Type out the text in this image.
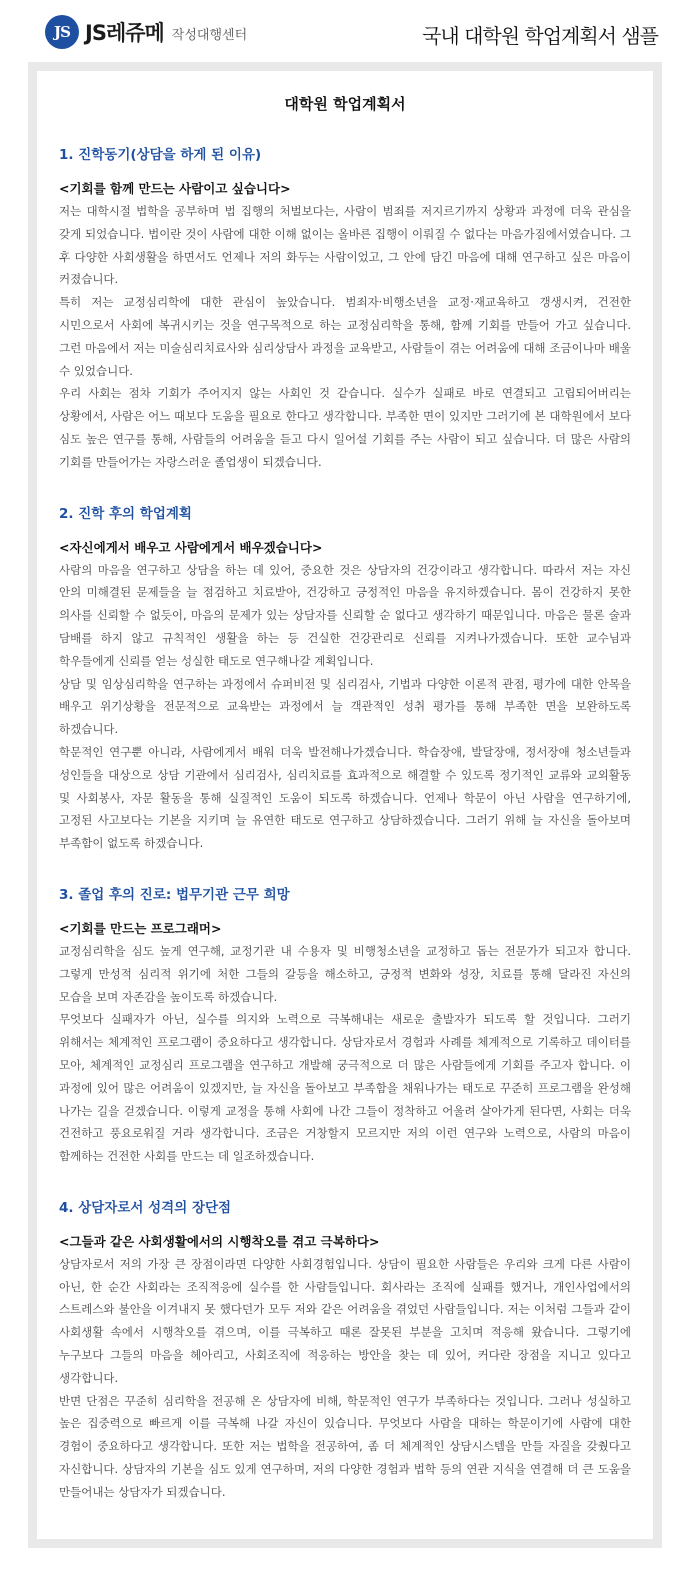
JS JS레쥬메 작성대행센터	국내 대학원 학업계획서 샘플
대학원 학업계획서
1. 진학동기(상담을 하게 된 이유)
<기회를 함께 만드는 사람이고 싶습니다>

저는 대학시절 법학을 공부하며 법 집행의 처벌보다는, 사람이 범죄를 저지르기까지 상황과 과정에 더욱 관심을 갖게 되었습니다. 법이란 것이 사람에 대한 이해 없이는 올바른 집행이 이뤄질 수 없다는 마음가짐에서였습니다. 그 후 다양한 사회생활을 하면서도 언제나 저의 화두는 사람이었고, 그 안에 담긴 마음에 대해 연구하고 싶은 마음이 커졌습니다.

특히 저는 교정심리학에 대한 관심이 높았습니다. 범죄자·비행소년을 교정·재교육하고 갱생시켜, 건전한 시민으로서 사회에 복귀시키는 것을 연구목적으로 하는 교정심리학을 통해, 함께 기회를 만들어 가고 싶습니다. 그런 마음에서 저는 미술심리치료사와 심리상담사 과정을 교육받고, 사람들이 겪는 어려움에 대해 조금이나마 배울 수 있었습니다.

우리 사회는 점차 기회가 주어지지 않는 사회인 것 같습니다. 실수가 실패로 바로 연결되고 고립되어버리는 상황에서, 사람은 어느 때보다 도움을 필요로 한다고 생각합니다. 부족한 면이 있지만 그러기에 본 대학원에서 보다 심도 높은 연구를 통해, 사람들의 어려움을 듣고 다시 일어설 기회를 주는 사람이 되고 싶습니다. 더 많은 사람의 기회를 만들어가는 자랑스러운 졸업생이 되겠습니다.

2. 진학 후의 학업계획
<자신에게서 배우고 사람에게서 배우겠습니다>

사람의 마음을 연구하고 상담을 하는 데 있어, 중요한 것은 상담자의 건강이라고 생각합니다. 따라서 저는 자신 안의 미해결된 문제들을 늘 점검하고 치료받아, 건강하고 긍정적인 마음을 유지하겠습니다. 몸이 건강하지 못한 의사를 신뢰할 수 없듯이, 마음의 문제가 있는 상담자를 신뢰할 순 없다고 생각하기 때문입니다. 마음은 물론 술과 담배를 하지 않고 규칙적인 생활을 하는 등 건실한 건강관리로 신뢰를 지켜나가겠습니다. 또한 교수님과 학우들에게 신뢰를 얻는 성실한 태도로 연구해나갈 계획입니다.

상담 및 임상심리학을 연구하는 과정에서 슈퍼비전 및 심리검사, 기법과 다양한 이론적 관점, 평가에 대한 안목을 배우고 위기상황을 전문적으로 교육받는 과정에서 늘 객관적인 성취 평가를 통해 부족한 면을 보완하도록 하겠습니다.

학문적인 연구뿐 아니라, 사람에게서 배워 더욱 발전해나가겠습니다. 학습장애, 발달장애, 정서장애 청소년들과 성인들을 대상으로 상담 기관에서 심리검사, 심리치료를 효과적으로 해결할 수 있도록 정기적인 교류와 교외활동 및 사회봉사, 자문 활동을 통해 실질적인 도움이 되도록 하겠습니다. 언제나 학문이 아닌 사람을 연구하기에, 고정된 사고보다는 기본을 지키며 늘 유연한 태도로 연구하고 상담하겠습니다. 그러기 위해 늘 자신을 돌아보며 부족함이 없도록 하겠습니다.

3. 졸업 후의 진로: 법무기관 근무 희망
<기회를 만드는 프로그래머>

교정심리학을 심도 높게 연구해, 교정기관 내 수용자 및 비행청소년을 교정하고 돕는 전문가가 되고자 합니다. 그렇게 만성적 심리적 위기에 처한 그들의 갈등을 해소하고, 긍정적 변화와 성장, 치료를 통해 달라진 자신의 모습을 보며 자존감을 높이도록 하겠습니다.

무엇보다 실패자가 아닌, 실수를 의지와 노력으로 극복해내는 새로운 출발자가 되도록 할 것입니다. 그러기 위해서는 체계적인 프로그램이 중요하다고 생각합니다. 상담자로서 경험과 사례를 체계적으로 기록하고 데이터를 모아, 체계적인 교정심리 프로그램을 연구하고 개발해 궁극적으로 더 많은 사람들에게 기회를 주고자 합니다. 이 과정에 있어 많은 어려움이 있겠지만, 늘 자신을 돌아보고 부족함을 채워나가는 태도로 꾸준히 프로그램을 완성해 나가는 길을 걷겠습니다. 이렇게 교정을 통해 사회에 나간 그들이 정착하고 어울려 살아가게 된다면, 사회는 더욱 건전하고 풍요로워질 거라 생각합니다. 조금은 거창할지 모르지만 저의 이런 연구와 노력으로, 사람의 마음이 함께하는 건전한 사회를 만드는 데 일조하겠습니다.

4. 상담자로서 성격의 장단점
<그들과 같은 사회생활에서의 시행착오를 겪고 극복하다>

상담자로서 저의 가장 큰 장점이라면 다양한 사회경험입니다. 상담이 필요한 사람들은 우리와 크게 다른 사람이 아닌, 한 순간 사회라는 조직적응에 실수를 한 사람들입니다. 회사라는 조직에 실패를 했거나, 개인사업에서의 스트레스와 불안을 이겨내지 못 했다던가 모두 저와 같은 어려움을 겪었던 사람들입니다. 저는 이처럼 그들과 같이 사회생활 속에서 시행착오를 겪으며, 이를 극복하고 때론 잘못된 부분을 고치며 적응해 왔습니다. 그렇기에 누구보다 그들의 마음을 헤아리고, 사회조직에 적응하는 방안을 찾는 데 있어, 커다란 장점을 지니고 있다고 생각합니다.

반면 단점은 꾸준히 심리학을 전공해 온 상담자에 비해, 학문적인 연구가 부족하다는 것입니다. 그러나 성실하고 높은 집중력으로 빠르게 이를 극복해 나갈 자신이 있습니다. 무엇보다 사람을 대하는 학문이기에 사람에 대한 경험이 중요하다고 생각합니다. 또한 저는 법학을 전공하여, 좀 더 체계적인 상담시스템을 만들 자질을 갖췄다고 자신합니다. 상담자의 기본을 심도 있게 연구하며, 저의 다양한 경험과 법학 등의 연관 지식을 연결해 더 큰 도움을 만들어내는 상담자가 되겠습니다.
